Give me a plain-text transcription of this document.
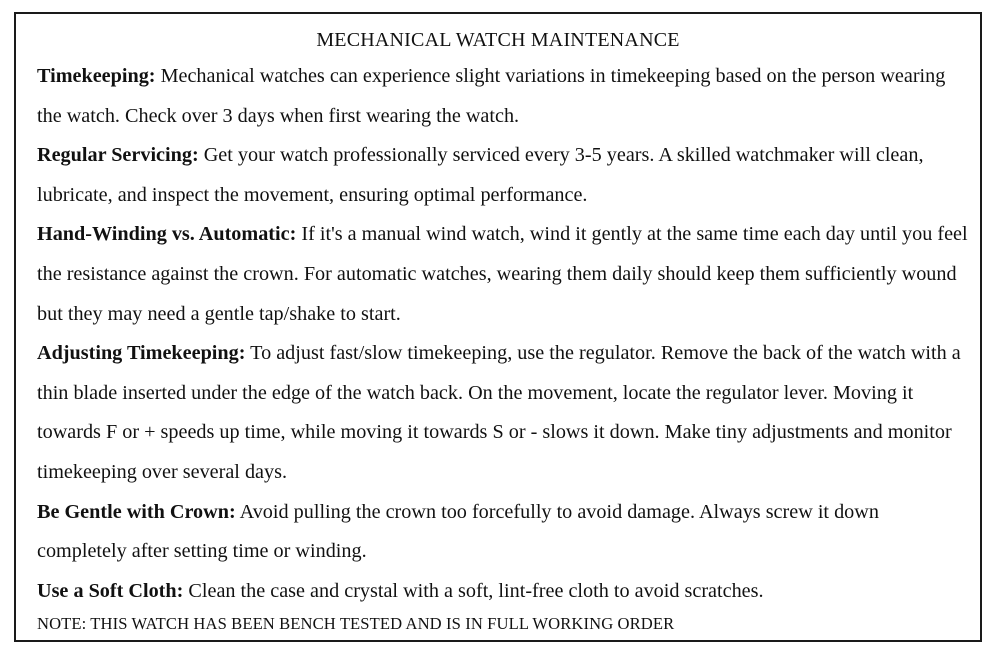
MECHANICAL WATCH MAINTENANCE

Timekeeping: Mechanical watches can experience slight variations in timekeeping based on the person wearing the watch. Check over 3 days when first wearing the watch.

Regular Servicing: Get your watch professionally serviced every 3-5 years. A skilled watchmaker will clean, lubricate, and inspect the movement, ensuring optimal performance.

Hand-Winding vs. Automatic: If it's a manual wind watch, wind it gently at the same time each day until you feel the resistance against the crown. For automatic watches, wearing them daily should keep them sufficiently wound but they may need a gentle tap/shake to start.

Adjusting Timekeeping: To adjust fast/slow timekeeping, use the regulator. Remove the back of the watch with a thin blade inserted under the edge of the watch back. On the movement, locate the regulator lever. Moving it towards F or + speeds up time, while moving it towards S or - slows it down. Make tiny adjustments and monitor timekeeping over several days.

Be Gentle with Crown: Avoid pulling the crown too forcefully to avoid damage. Always screw it down completely after setting time or winding.

Use a Soft Cloth: Clean the case and crystal with a soft, lint-free cloth to avoid scratches.

NOTE: THIS WATCH HAS BEEN BENCH TESTED AND IS IN FULL WORKING ORDER
